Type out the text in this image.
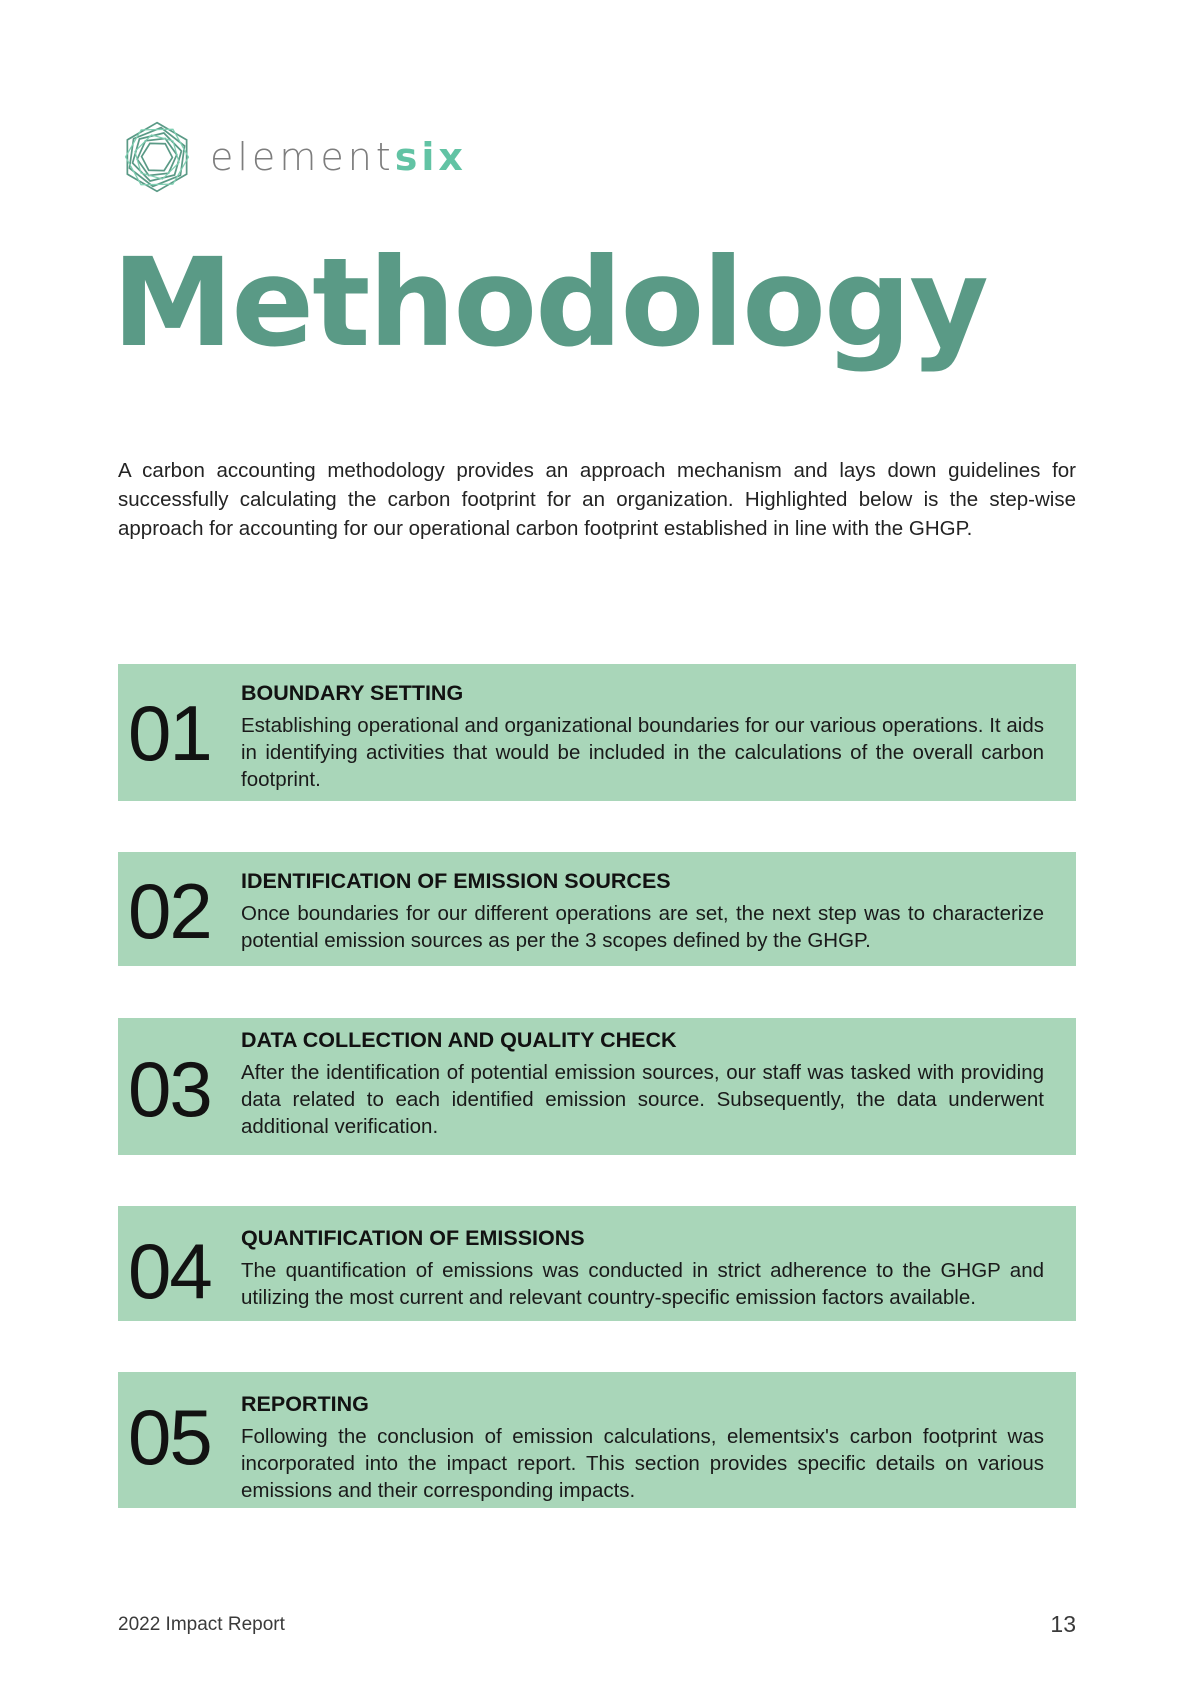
elementsix
Methodology

A carbon accounting methodology provides an approach mechanism and lays down guidelines for successfully calculating the carbon footprint for an organization. Highlighted below is the step-wise approach for accounting for our operational carbon footprint established in line with the GHGP.

01 BOUNDARY SETTING

Establishing operational and organizational boundaries for our various operations. It aids in identifying activities that would be included in the calculations of the overall carbon footprint.

02 IDENTIFICATION OF EMISSION SOURCES

Once boundaries for our different operations are set, the next step was to characterize potential emission sources as per the 3 scopes defined by the GHGP.

03
DATA COLLECTION AND QUALITY CHECK

After the identification of potential emission sources, our staff was tasked with providing data related to each identified emission source. Subsequently, the data underwent additional verification.

04 QUANTIFICATION OF EMISSIONS

The quantification of emissions was conducted in strict adherence to the GHGP and utilizing the most current and relevant country-specific emission factors available.

05 REPORTING

Following the conclusion of emission calculations, elementsix's carbon footprint was incorporated into the impact report. This section provides specific details on various emissions and their corresponding impacts.

2022 Impact Report	13
